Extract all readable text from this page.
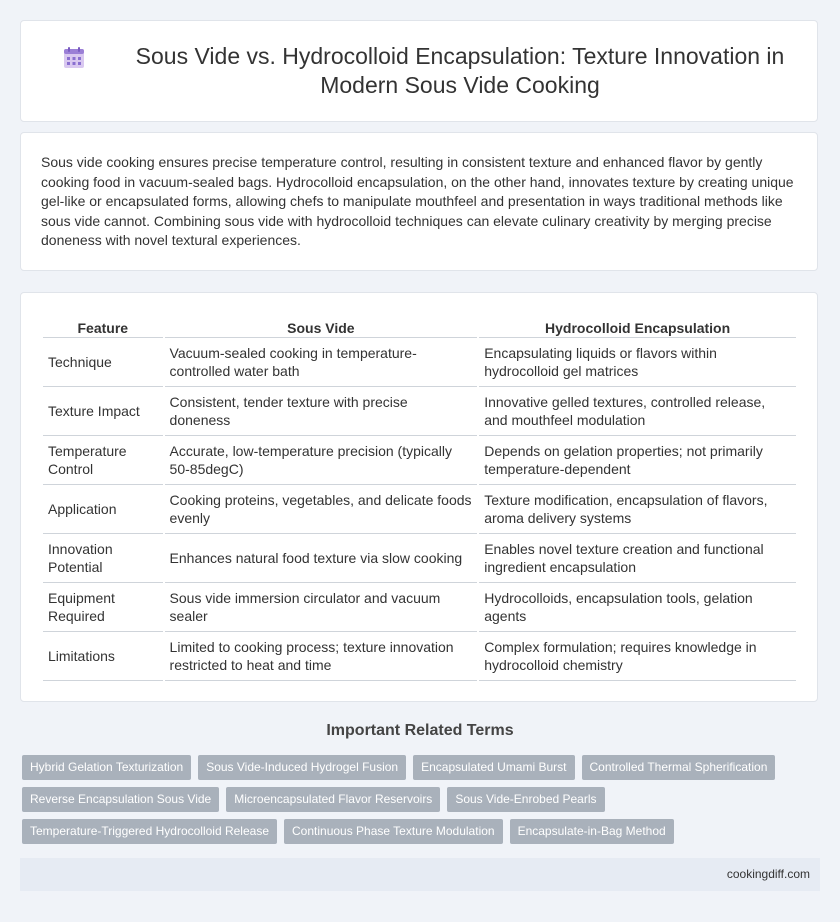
Sous Vide vs. Hydrocolloid Encapsulation: Texture Innovation in Modern Sous Vide Cooking

Sous vide cooking ensures precise temperature control, resulting in consistent texture and enhanced flavor by gently cooking food in vacuum-sealed bags. Hydrocolloid encapsulation, on the other hand, innovates texture by creating unique gel-like or encapsulated forms, allowing chefs to manipulate mouthfeel and presentation in ways traditional methods like sous vide cannot. Combining sous vide with hydrocolloid techniques can elevate culinary creativity by merging precise doneness with novel textural experiences.

Feature	Sous Vide	Hydrocolloid Encapsulation
Technique	Vacuum-sealed cooking in temperature-controlled water bath	Encapsulating liquids or flavors within hydrocolloid gel matrices
Texture Impact	Consistent, tender texture with precise doneness	Innovative gelled textures, controlled release, and mouthfeel modulation
Temperature Control	Accurate, low-temperature precision (typically 50-85degC)	Depends on gelation properties; not primarily temperature-dependent
Application	Cooking proteins, vegetables, and delicate foods evenly	Texture modification, encapsulation of flavors, aroma delivery systems
Innovation Potential	Enhances natural food texture via slow cooking	Enables novel texture creation and functional ingredient encapsulation
Equipment Required	Sous vide immersion circulator and vacuum sealer	Hydrocolloids, encapsulation tools, gelation agents
Limitations	Limited to cooking process; texture innovation restricted to heat and time	Complex formulation; requires knowledge in hydrocolloid chemistry
Important Related Terms
Hybrid Gelation Texturization	Sous Vide-Induced Hydrogel Fusion	Encapsulated Umami Burst	Controlled Thermal Spherification
Reverse Encapsulation Sous Vide	Microencapsulated Flavor Reservoirs	Sous Vide-Enrobed Pearls
Temperature-Triggered Hydrocolloid Release	Continuous Phase Texture Modulation	Encapsulate-in-Bag Method
cookingdiff.com
